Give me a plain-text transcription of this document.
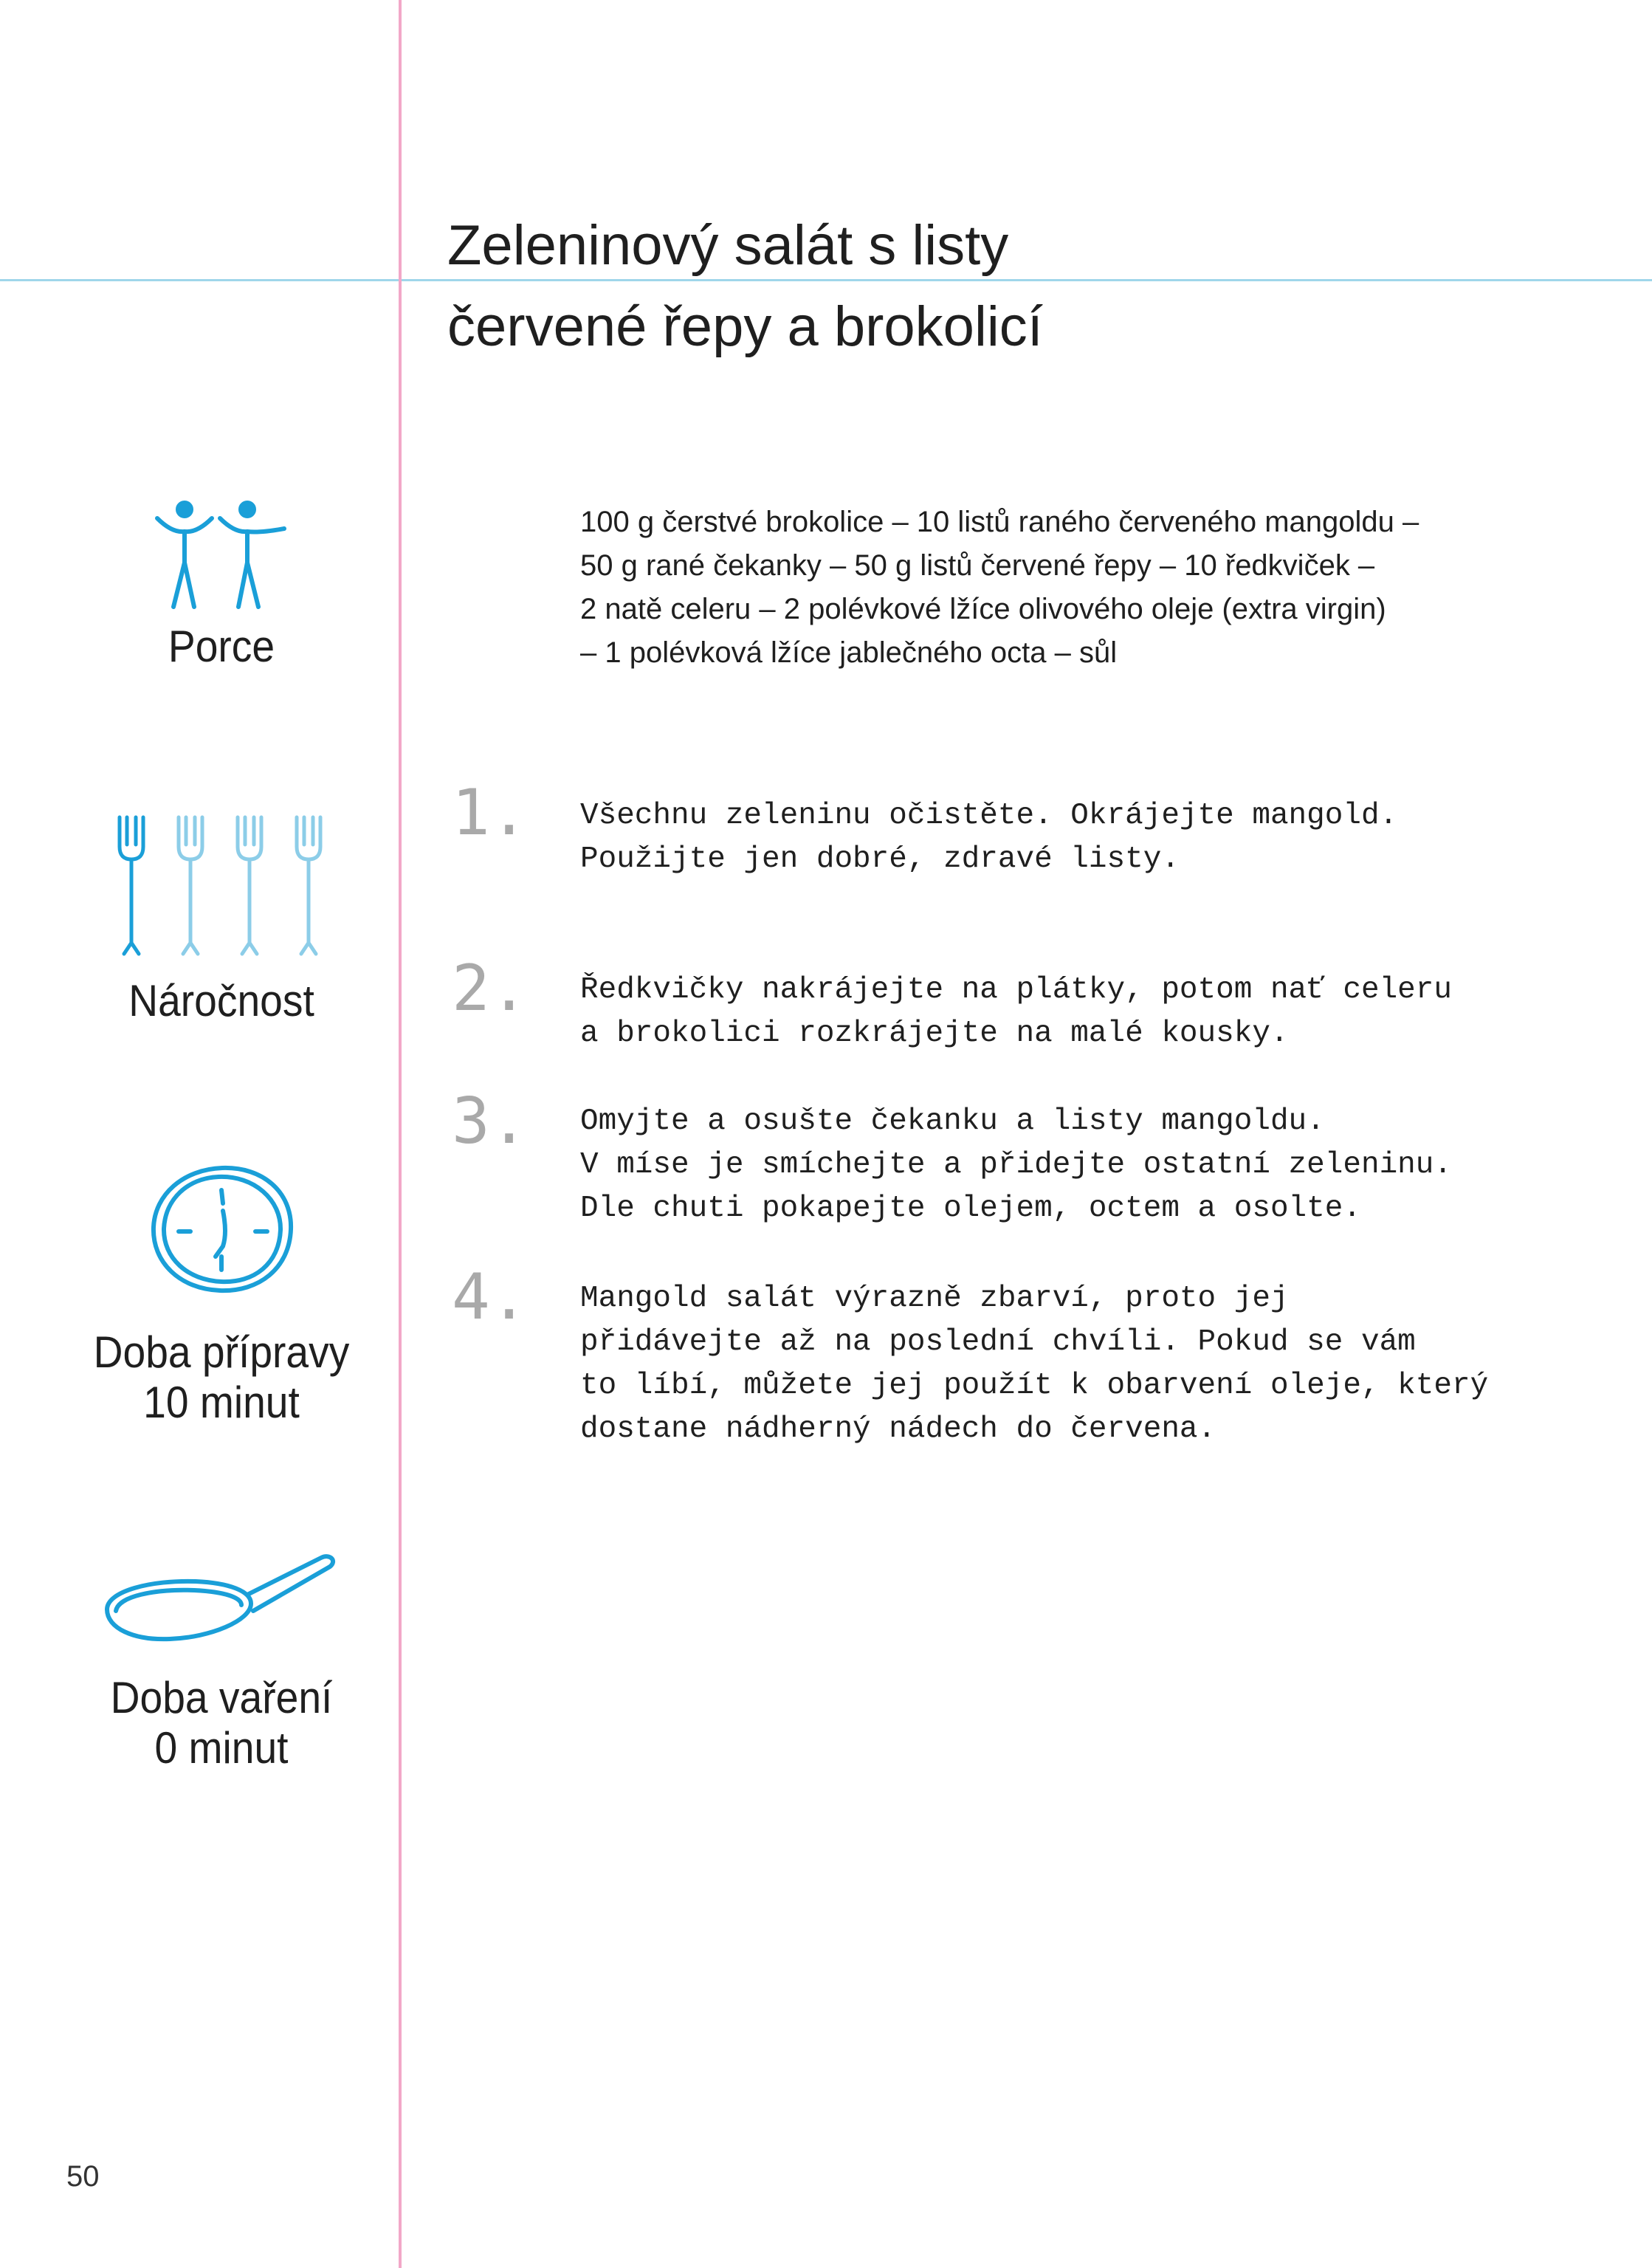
Zeleninový salát s listy
červené řepy a brokolicí
100 g čerstvé brokolice – 10 listů raného červeného mangoldu –
50 g rané čekanky – 50 g listů červené řepy – 10 ředkviček –
2 natě celeru – 2 polévkové lžíce olivového oleje (extra virgin)
– 1 polévková lžíce jablečného octa – sůl
1. Všechnu zeleninu očistěte. Okrájejte mangold.
Použijte jen dobré, zdravé listy.
2. Ředkvičky nakrájejte na plátky, potom nať celeru
a brokolici rozkrájejte na malé kousky.
3. Omyjte a osušte čekanku a listy mangoldu.
V míse je smíchejte a přidejte ostatní zeleninu.
Dle chuti pokapejte olejem, octem a osolte.
4. Mangold salát výrazně zbarví, proto jej
přidávejte až na poslední chvíli. Pokud se vám
to líbí, můžete jej použít k obarvení oleje, který
dostane nádherný nádech do červena.
Porce
Náročnost
Doba přípravy
10 minut
Doba vaření
0 minut
50
